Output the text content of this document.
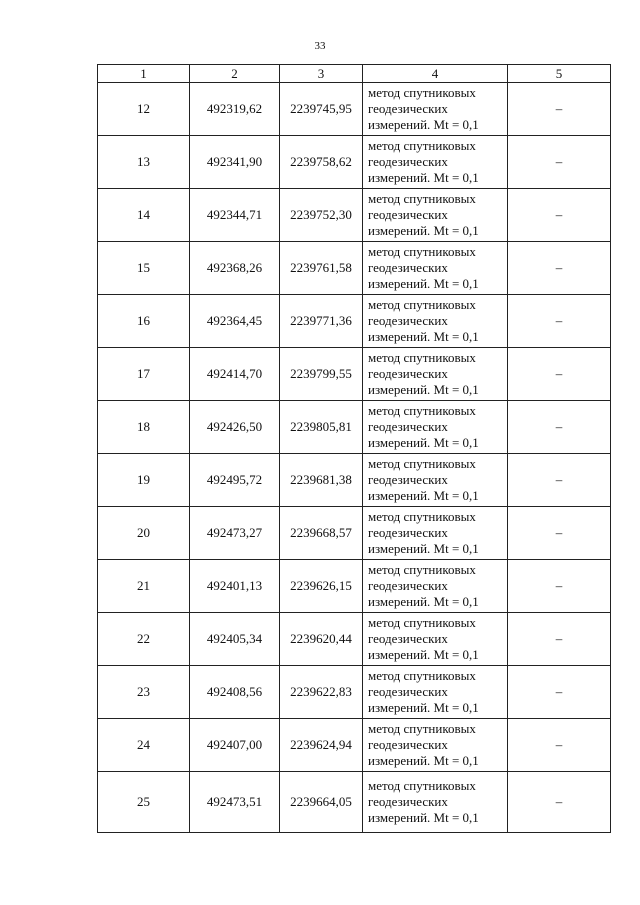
33
1	2	3	4	5
12	492319,62	2239745,95	метод спутниковых
геодезических
измерений. Mt = 0,1	–
13	492341,90	2239758,62	метод спутниковых
геодезических
измерений. Mt = 0,1	–
14	492344,71	2239752,30	метод спутниковых
геодезических
измерений. Mt = 0,1	–
15	492368,26	2239761,58	метод спутниковых
геодезических
измерений. Mt = 0,1	–
16	492364,45	2239771,36	метод спутниковых
геодезических
измерений. Mt = 0,1	–
17	492414,70	2239799,55	метод спутниковых
геодезических
измерений. Mt = 0,1	–
18	492426,50	2239805,81	метод спутниковых
геодезических
измерений. Mt = 0,1	–
19	492495,72	2239681,38	метод спутниковых
геодезических
измерений. Mt = 0,1	–
20	492473,27	2239668,57	метод спутниковых
геодезических
измерений. Mt = 0,1	–
21	492401,13	2239626,15	метод спутниковых
геодезических
измерений. Mt = 0,1	–
22	492405,34	2239620,44	метод спутниковых
геодезических
измерений. Mt = 0,1	–
23	492408,56	2239622,83	метод спутниковых
геодезических
измерений. Mt = 0,1	–
24	492407,00	2239624,94	метод спутниковых
геодезических
измерений. Mt = 0,1	–
25	492473,51	2239664,05	метод спутниковых
геодезических
измерений. Mt = 0,1	–
